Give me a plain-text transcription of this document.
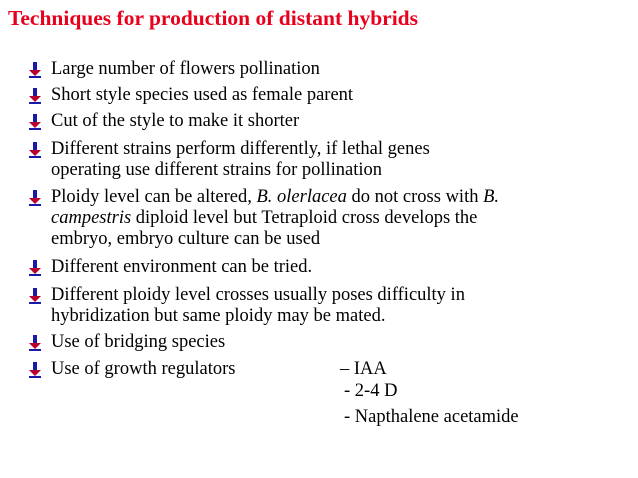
Techniques for production of distant hybrids
Large number of flowers pollination
Short style species used as female parent
Cut of the style to make it shorter
Different strains perform differently, if lethal genes
operating use different strains for pollination
Ploidy level can be altered, B. olerlacea do not cross with B.
campestris diploid level but Tetraploid cross develops the
embryo, embryo culture can be used
Different environment can be tried.
Different ploidy level crosses usually poses difficulty in
hybridization but same ploidy may be mated.
Use of bridging species
Use of growth regulators	– IAA
- 2-4 D
- Napthalene acetamide
